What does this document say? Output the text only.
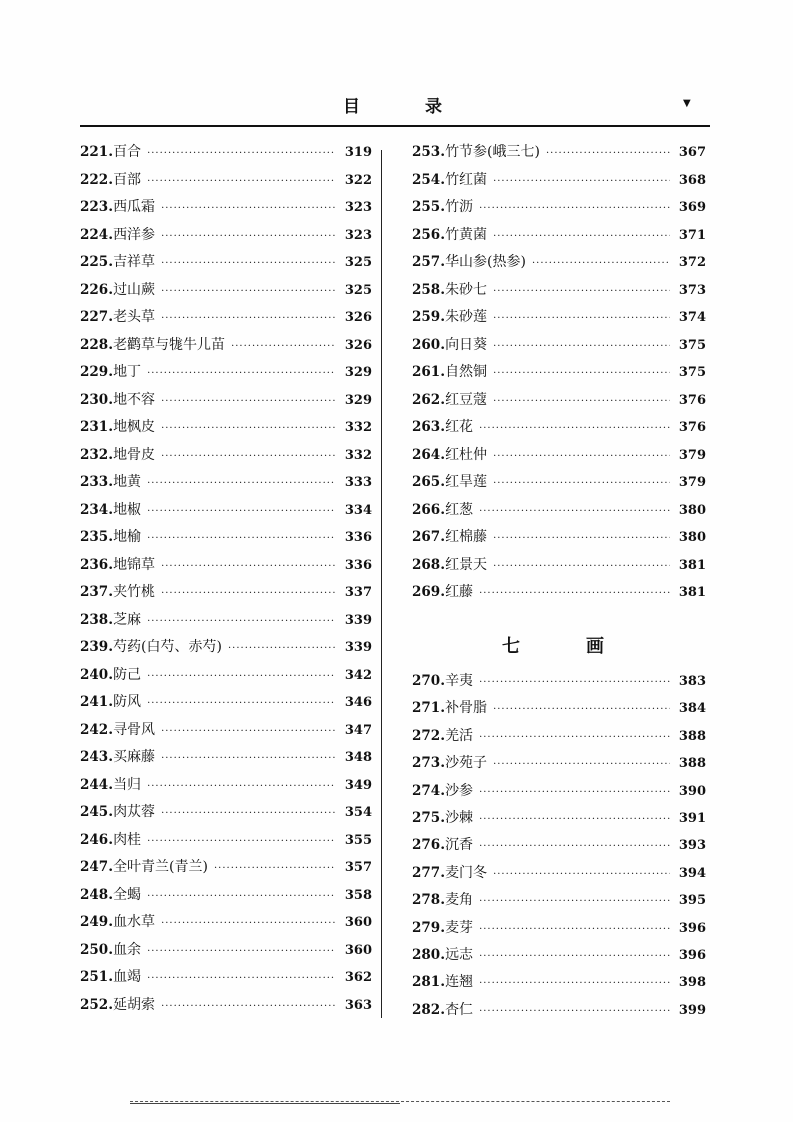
目	录	▼
221 . 百合 ·····	319
222 . 百部 ·····	322
223 . 西瓜霜 ·····	323
224 . 西洋参 ·····	323
225 . 吉祥草 ·····	325
226 . 过山蕨 ·····	325
227 . 老头草 ·····	326
228 . 老鹳草与牻牛儿苗 ·····	326
229 . 地丁 ·····	329
230 . 地不容 ·····	329
231 . 地枫皮 ·····	332
232 . 地骨皮 ·····	332
233 . 地黄 ·····	333
234 . 地椒 ·····	334
235 . 地榆 ·····	336
236 . 地锦草 ·····	336
237 . 夹竹桃 ·····	337
238 . 芝麻 ·····	339
239 . 芍药(白芍、赤芍) ·····	339
240 . 防己 ·····	342
241 . 防风 ·····	346
242 . 寻骨风 ·····	347
243 . 买麻藤 ·····	348
244 . 当归 ·····	349
245 . 肉苁蓉 ·····	354
246 . 肉桂 ·····	355
247 . 全叶青兰(青兰) ·····	357
248 . 全蝎 ·····	358
249 . 血水草 ·····	360
250 . 血余 ·····	360
251 . 血竭 ·····	362
252 . 延胡索 ·····	363
253 . 竹节参(峨三七) ·····	367
254 . 竹红菌 ·····	368
255 . 竹沥 ·····	369
256 . 竹黄菌 ·····	371
257 . 华山参(热参) ·····	372
258 . 朱砂七 ·····	373
259 . 朱砂莲 ·····	374
260 . 向日葵 ·····	375
261 . 自然铜 ·····	375
262 . 红豆蔻 ·····	376
263 . 红花 ·····	376
264 . 红杜仲 ·····	379
265 . 红旱莲 ·····	379
266 . 红葱 ·····	380
267 . 红棉藤 ·····	380
268 . 红景天 ·····	381
269 . 红藤 ·····	381
七	画
270 . 辛夷 ·····	383
271 . 补骨脂 ·····	384
272 . 羌活 ·····	388
273 . 沙苑子 ·····	388
274 . 沙参 ·····	390
275 . 沙棘 ·····	391
276 . 沉香 ·····	393
277 . 麦门冬 ·····	394
278 . 麦角 ·····	395
279 . 麦芽 ·····	396
280 . 远志 ·····	396
281 . 连翘 ·····	398
282 . 杏仁 ·····	399
